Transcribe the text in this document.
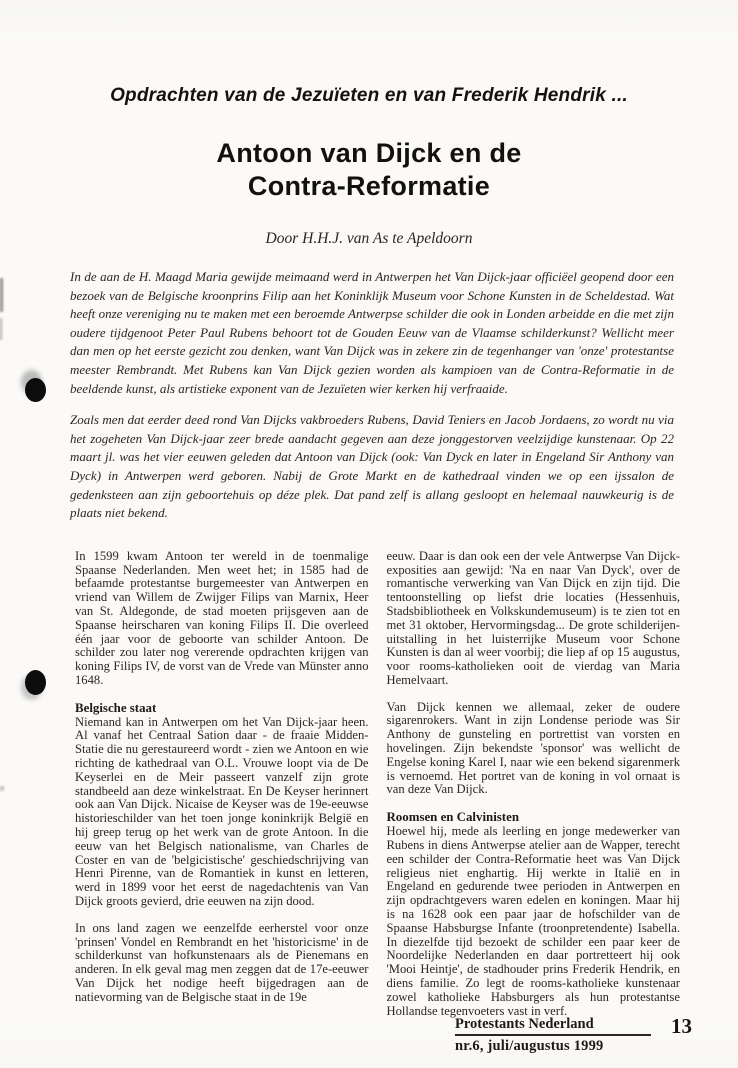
Opdrachten van de Jezuïeten en van Frederik Hendrik ...
Antoon van Dijck en de
Contra-Reformatie
Door H.H.J. van As te Apeldoorn

In de aan de H. Maagd Maria gewijde meimaand werd in Antwerpen het Van Dijck-jaar officiëel geopend door een bezoek van de Belgische kroonprins Filip aan het Koninklijk Museum voor Schone Kunsten in de Scheldestad. Wat heeft onze vereniging nu te maken met een beroemde Antwerpse schilder die ook in Londen arbeidde en die met zijn oudere tijdgenoot Peter Paul Rubens behoort tot de Gouden Eeuw van de Vlaamse schilderkunst? Wellicht meer dan men op het eerste gezicht zou denken, want Van Dijck was in zekere zin de tegenhanger van 'onze' protestantse meester Rembrandt. Met Rubens kan Van Dijck gezien worden als kampioen van de Contra-Reformatie in de beeldende kunst, als artistieke exponent van de Jezuïeten wier kerken hij verfraaide.

Zoals men dat eerder deed rond Van Dijcks vakbroeders Rubens, David Teniers en Jacob Jordaens, zo wordt nu via het zogeheten Van Dijck-jaar zeer brede aandacht gegeven aan deze jonggestorven veelzijdige kunstenaar. Op 22 maart jl. was het vier eeuwen geleden dat Antoon van Dijck (ook: Van Dyck en later in Engeland Sir Anthony van Dyck) in Antwerpen werd geboren. Nabij de Grote Markt en de kathedraal vinden we op een ijssalon de gedenksteen aan zijn geboortehuis op déze plek. Dat pand zelf is allang gesloopt en helemaal nauwkeurig is de plaats niet bekend.

In 1599 kwam Antoon ter wereld in de toenmalige Spaanse Nederlanden. Men weet het; in 1585 had de befaamde protestantse burgemeester van Antwerpen en vriend van Willem de Zwijger Filips van Marnix, Heer van St. Aldegonde, de stad moeten prijsgeven aan de Spaanse heirscharen van koning Filips II. Die overleed één jaar voor de geboorte van schilder Antoon. De schilder zou later nog vererende opdrachten krijgen van koning Filips IV, de vorst van de Vrede van Münster anno 1648.

Belgische staat

Niemand kan in Antwerpen om het Van Dijck-jaar heen. Al vanaf het Centraal Sation daar - de fraaie Midden-Statie die nu gerestaureerd wordt - zien we Antoon en wie richting de kathedraal van O.L. Vrouwe loopt via de De Keyserlei en de Meir passeert vanzelf zijn grote standbeeld aan deze winkelstraat. En De Keyser herinnert ook aan Van Dijck. Nicaise de Keyser was de 19e-eeuwse historieschilder van het toen jonge koninkrijk België en hij greep terug op het werk van de grote Antoon. In die eeuw van het Belgisch nationalisme, van Charles de Coster en van de 'belgicistische' geschiedschrijving van Henri Pirenne, van de Romantiek in kunst en letteren, werd in 1899 voor het eerst de nagedachtenis van Van Dijck groots gevierd, drie eeuwen na zijn dood.

In ons land zagen we eenzelfde eerherstel voor onze 'prinsen' Vondel en Rembrandt en het 'historicisme' in de schilderkunst van hofkunstenaars als de Pienemans en anderen. In elk geval mag men zeggen dat de 17e-eeuwer Van Dijck het nodige heeft bijgedragen aan de natievorming van de Belgische staat in de 19e

eeuw. Daar is dan ook een der vele Antwerpse Van Dijck-exposities aan gewijd: 'Na en naar Van Dyck', over de romantische verwerking van Van Dijck en zijn tijd. Die tentoonstelling op liefst drie locaties (Hessenhuis, Stadsbibliotheek en Volkskundemuseum) is te zien tot en met 31 oktober, Hervormingsdag... De grote schilderijen-uitstalling in het luisterrijke Museum voor Schone Kunsten is dan al weer voorbij; die liep af op 15 augustus, voor rooms-katholieken ooit de vierdag van Maria Hemelvaart.

Van Dijck kennen we allemaal, zeker de oudere sigarenrokers. Want in zijn Londense periode was Sir Anthony de gunsteling en portrettist van vorsten en hovelingen. Zijn bekendste 'sponsor' was wellicht de Engelse koning Karel I, naar wie een bekend sigarenmerk is vernoemd. Het portret van de koning in vol ornaat is van deze Van Dijck.

Roomsen en Calvinisten

Hoewel hij, mede als leerling en jonge medewerker van Rubens in diens Antwerpse atelier aan de Wapper, terecht een schilder der Contra-Reformatie heet was Van Dijck religieus niet enghartig. Hij werkte in Italië en in Engeland en gedurende twee perioden in Antwerpen en zijn opdrachtgevers waren edelen en koningen. Maar hij is na 1628 ook een paar jaar de hofschilder van de Spaanse Habsburgse Infante (troonpretendente) Isabella. In diezelfde tijd bezoekt de schilder een paar keer de Noordelijke Nederlanden en daar portretteert hij ook 'Mooi Heintje', de stadhouder prins Frederik Hendrik, en diens familie. Zo legt de rooms-katholieke kunstenaar zowel katholieke Habsburgers als hun protestantse Hollandse tegenvoeters vast in verf.

Protestants Nederland
nr.6, juli/augustus 1999
13
